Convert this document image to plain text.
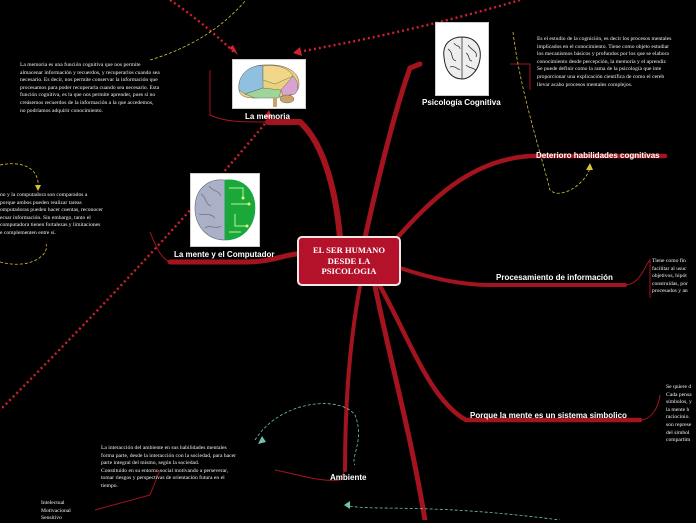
La memoria
La memoria es una función cognitiva que nos permite
almacenar información y recuerdos, y recuperarlos cuando sea
necesario. Es decir, nos permite conservar la información que
procesamos para poder recuperarla cuando sea necesario. Esta
función cognitiva, es la que nos permite aprender, pues si no
creásemos recuerdos de la información a la que accedemos,
no podríamos adquirir conocimiento.
La mente y el Computador
no y la computadora son comparados a
porque ambos pueden realizar tareas
omputadoras pueden hacer cuentas, reconocer
ecsar información. Sin embargo, tanto el
computadora tienen fortalezas y limitaciones
e complementen entre sí.
Psicología Cognitiva
Es el estudio de la cognición, es decir los procesos mentales
implicados en el conocimiento. Tiene como objeto estudiar
los mecanismos básicos y profundos por los que se elabora
conocimiento desde percepción, la memoria y el aprendiz
Se puede definir como la rama de la psicología que inte
proporcionar una explicación científica de como el cereb
llevar acabo procesos mentales complejos.
EL SER HUMANO
DESDE LA
PSICOLOGIA
Deterioro habilidades cognitivas
Procesamiento de información
Tiene como fin
facilitar al usuc
objetivos, hipót
construidas, por
procesados y an
Porque la mente es un sistema simbolico
Se quiere d
Cada pensa
símbolos, y
la mente h
raciocinio.
son represe
del simbol
compartim
Ambiente
La interacción del ambiente en sus habilidades mentales
forma parte, desde la interacción con la sociedad, para hacer
parte integral del mismo, según la sociedad.
Constituido en su entorno social motivando a perseverar,
tomar riesgos y perspectivas de orientación futura en el
tiempo.
Intelectual
Motivacional
Sensitivo
